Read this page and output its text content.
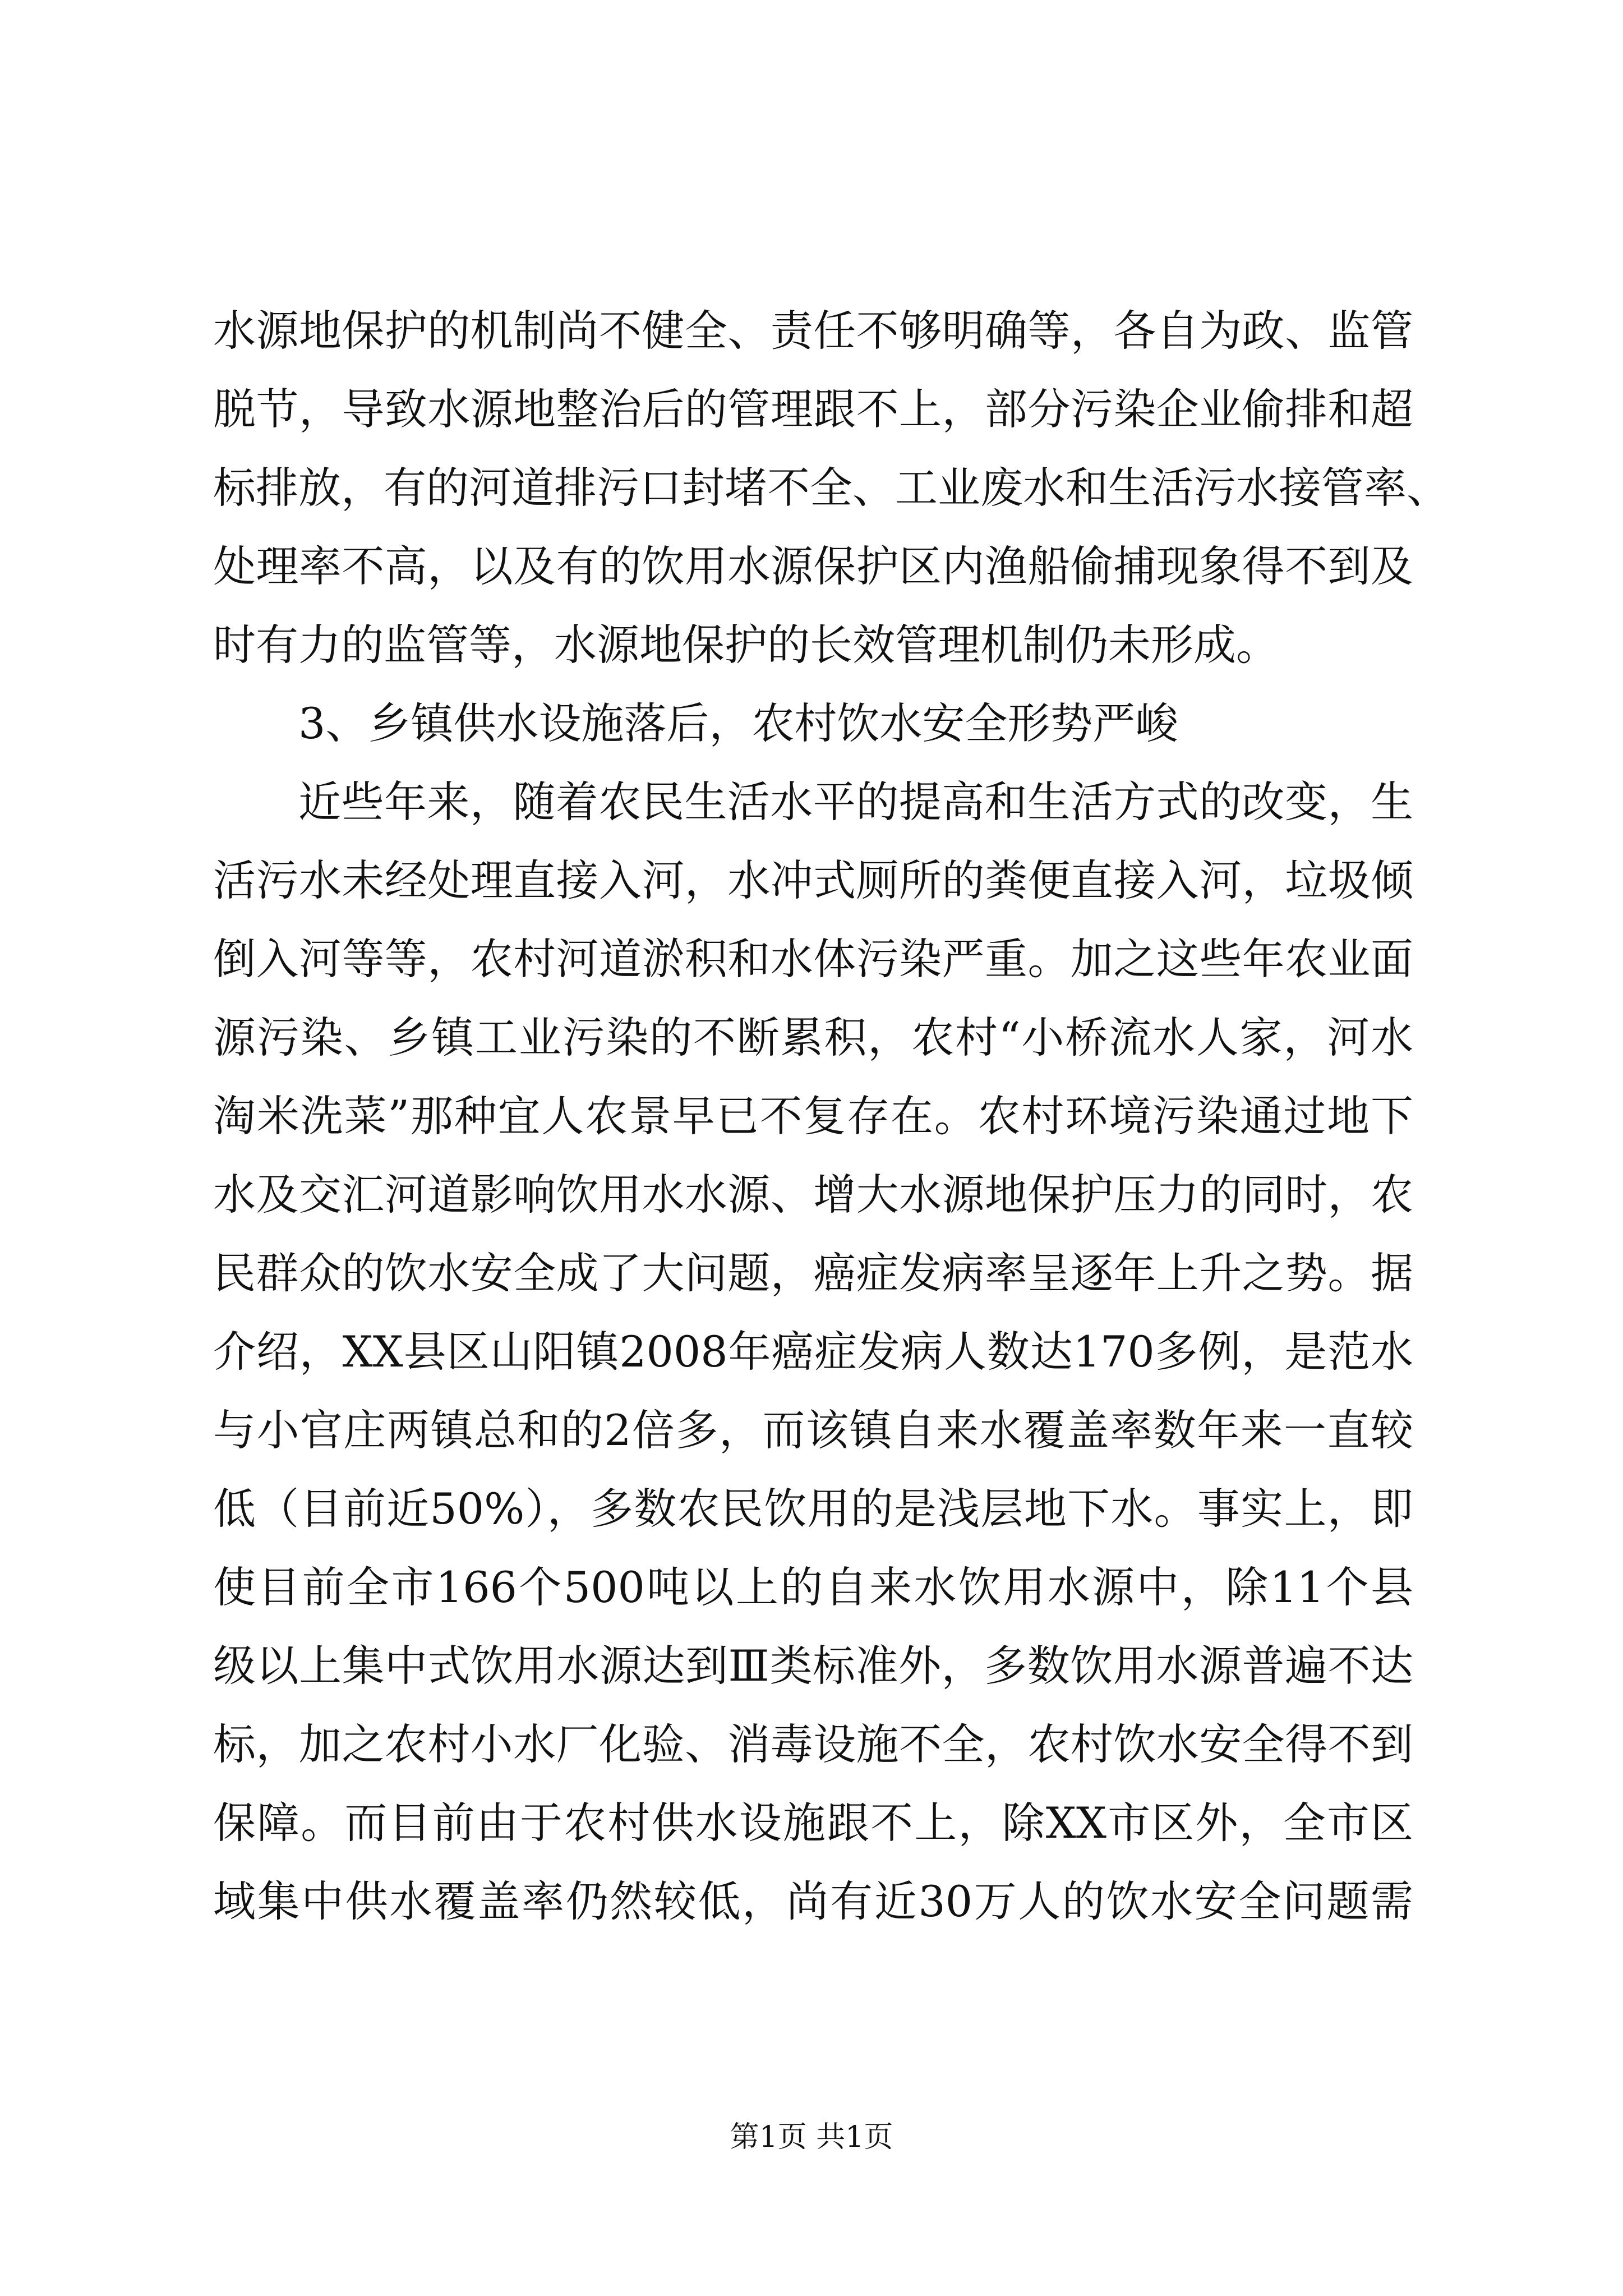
水源地保护的机制尚不健全、责任不够明确等，各自为政、监管
脱节，导致水源地整治后的管理跟不上，部分污染企业偷排和超
标排放，有的河道排污口封堵不全、工业废水和生活污水接管率、
处理率不高，以及有的饮用水源保护区内渔船偷捕现象得不到及
时有力的监管等，水源地保护的长效管理机制仍未形成。
3、乡镇供水设施落后，农村饮水安全形势严峻
近些年来，随着农民生活水平的提高和生活方式的改变，生
活污水未经处理直接入河，水冲式厕所的粪便直接入河，垃圾倾
倒入河等等，农村河道淤积和水体污染严重。加之这些年农业面
源污染、乡镇工业污染的不断累积，农村“小桥流水人家，河水
淘米洗菜”那种宜人农景早已不复存在。农村环境污染通过地下
水及交汇河道影响饮用水水源、增大水源地保护压力的同时，农
民群众的饮水安全成了大问题，癌症发病率呈逐年上升之势。据
介绍，XX县区山阳镇2008年癌症发病人数达170多例，是范水
与小官庄两镇总和的2倍多，而该镇自来水覆盖率数年来一直较
低（目前近50%），多数农民饮用的是浅层地下水。事实上，即
使目前全市166个500吨以上的自来水饮用水源中，除11个县
级以上集中式饮用水源达到Ⅲ类标准外，多数饮用水源普遍不达
标，加之农村小水厂化验、消毒设施不全，农村饮水安全得不到
保障。而目前由于农村供水设施跟不上，除XX市区外，全市区
域集中供水覆盖率仍然较低，尚有近30万人的饮水安全问题需
第1页 共1页
